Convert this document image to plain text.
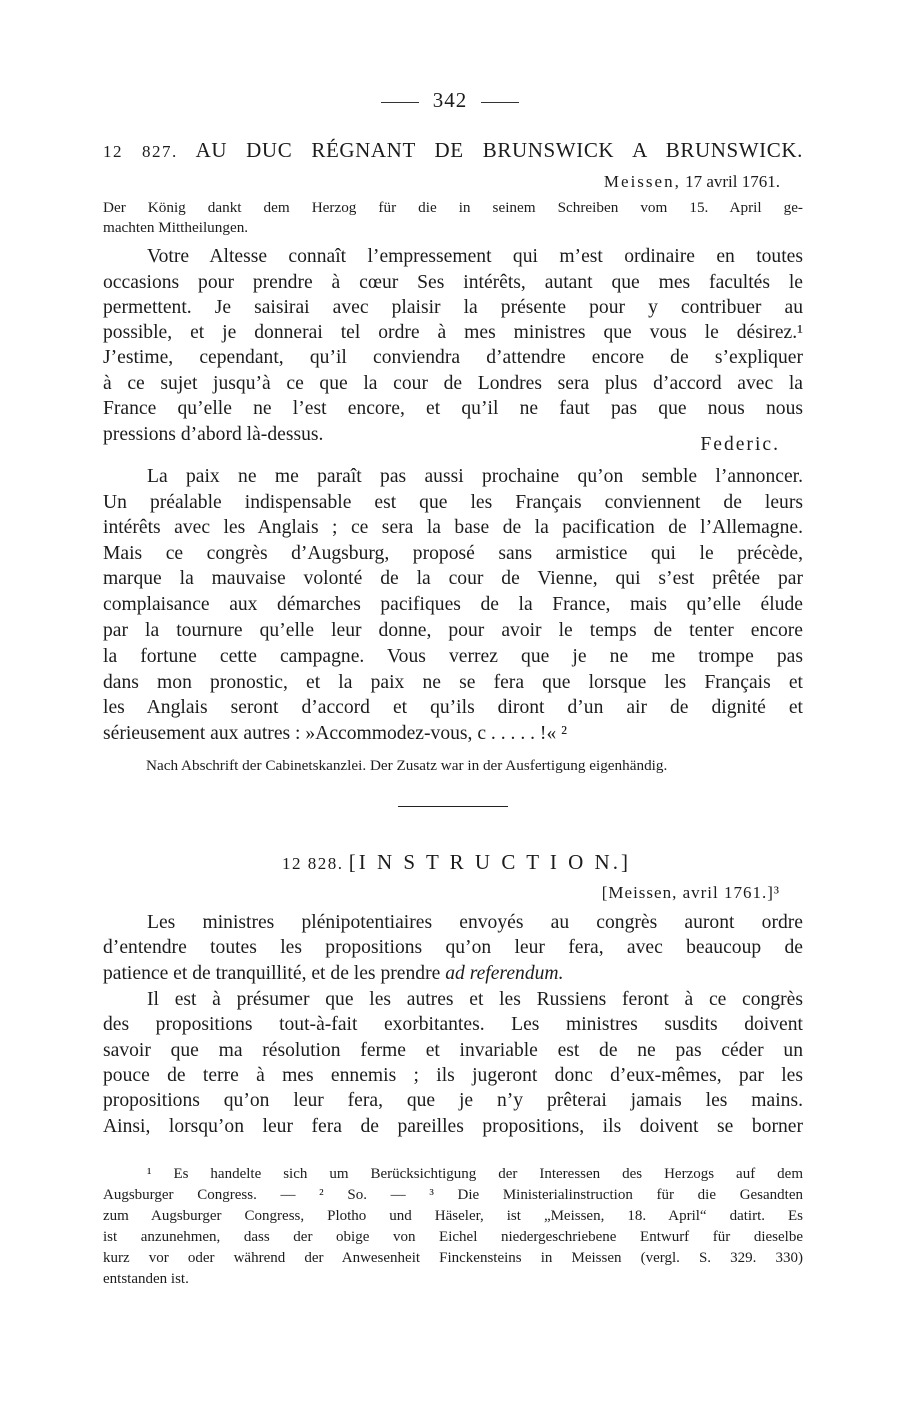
342
12 827. AU DUC RÉGNANT DE BRUNSWICK A BRUNSWICK.
Meissen, 17 avril 1761.
Der König dankt dem Herzog für die in seinem Schreiben vom 15. April ge-
machten Mittheilungen.
Votre Altesse connaît l’empressement qui m’est ordinaire en toutes
occasions pour prendre à cœur Ses intérêts, autant que mes facultés le
permettent. Je saisirai avec plaisir la présente pour y contribuer au
possible, et je donnerai tel ordre à mes ministres que vous le désirez.¹
J’estime, cependant, qu’il conviendra d’attendre encore de s’expliquer
à ce sujet jusqu’à ce que la cour de Londres sera plus d’accord avec la
France qu’elle ne l’est encore, et qu’il ne faut pas que nous nous
pressions d’abord là-dessus.	Federic.
La paix ne me paraît pas aussi prochaine qu’on semble l’annoncer.
Un préalable indispensable est que les Français conviennent de leurs
intérêts avec les Anglais ; ce sera la base de la pacification de l’Allemagne.
Mais ce congrès d’Augsburg, proposé sans armistice qui le précède,
marque la mauvaise volonté de la cour de Vienne, qui s’est prêtée par
complaisance aux démarches pacifiques de la France, mais qu’elle élude
par la tournure qu’elle leur donne, pour avoir le temps de tenter encore
la fortune cette campagne. Vous verrez que je ne me trompe pas
dans mon pronostic, et la paix ne se fera que lorsque les Français et
les Anglais seront d’accord et qu’ils diront d’un air de dignité et
sérieusement aux autres : »Accommodez-vous, c . . . . . !« ²
Nach Abschrift der Cabinetskanzlei. Der Zusatz war in der Ausfertigung eigenhändig.
12 828. [I N S T R U C T I O N.]
[Meissen, avril 1761.]³
Les ministres plénipotentiaires envoyés au congrès auront ordre
d’entendre toutes les propositions qu’on leur fera, avec beaucoup de
patience et de tranquillité, et de les prendre ad referendum.
Il est à présumer que les autres et les Russiens feront à ce congrès
des propositions tout-à-fait exorbitantes. Les ministres susdits doivent
savoir que ma résolution ferme et invariable est de ne pas céder un
pouce de terre à mes ennemis ; ils jugeront donc d’eux-mêmes, par les
propositions qu’on leur fera, que je n’y prêterai jamais les mains.
Ainsi, lorsqu’on leur fera de pareilles propositions, ils doivent se borner
¹ Es handelte sich um Berücksichtigung der Interessen des Herzogs auf dem
Augsburger Congress. — ² So. — ³ Die Ministerialinstruction für die Gesandten
zum Augsburger Congress, Plotho und Häseler, ist „Meissen, 18. April“ datirt. Es
ist anzunehmen, dass der obige von Eichel niedergeschriebene Entwurf für dieselbe
kurz vor oder während der Anwesenheit Finckensteins in Meissen (vergl. S. 329. 330)
entstanden ist.
